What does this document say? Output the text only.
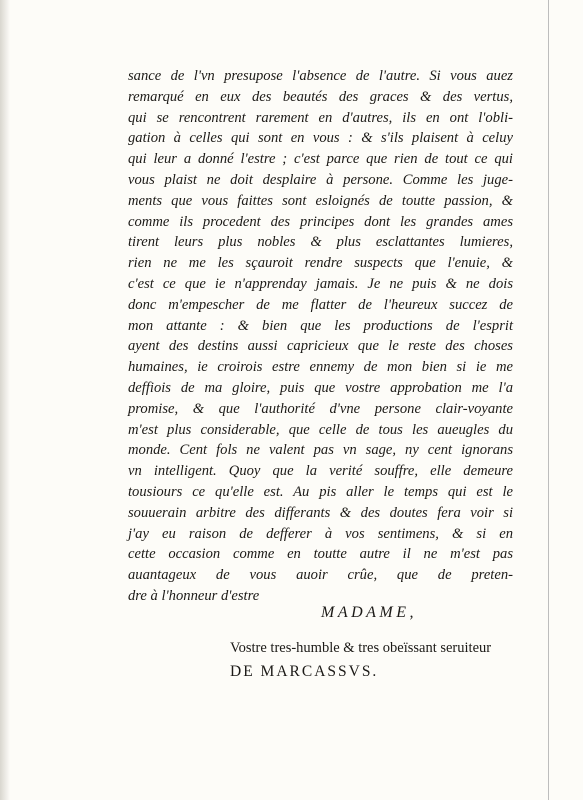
sance de l'vn presupose l'absence de l'autre. Si vous auez
remarqué en eux des beautés des graces & des vertus,
qui se rencontrent rarement en d'autres, ils en ont l'obli-
gation à celles qui sont en vous : & s'ils plaisent à celuy
qui leur a donné l'estre ; c'est parce que rien de tout ce qui
vous plaist ne doit desplaire à persone. Comme les juge-
ments que vous faittes sont esloignés de toutte passion, &
comme ils procedent des principes dont les grandes ames
tirent leurs plus nobles & plus esclattantes lumieres,
rien ne me les sçauroit rendre suspects que l'enuie, &
c'est ce que ie n'apprenday jamais. Je ne puis & ne dois
donc m'empescher de me flatter de l'heureux succez de
mon attante : & bien que les productions de l'esprit
ayent des destins aussi capricieux que le reste des choses
humaines, ie croirois estre ennemy de mon bien si ie me
deffiois de ma gloire, puis que vostre approbation me l'a
promise, & que l'authorité d'vne persone clair-voyante
m'est plus considerable, que celle de tous les aueugles du
monde. Cent fols ne valent pas vn sage, ny cent ignorans
vn intelligent. Quoy que la verité souffre, elle demeure
tousiours ce qu'elle est. Au pis aller le temps qui est le
souuerain arbitre des differants & des doutes fera voir si
j'ay eu raison de defferer à vos sentimens, & si en
cette occasion comme en toutte autre il ne m'est pas
auantageux de vous auoir crûe, que de preten-
dre à l'honneur d'estre
MADAME,
Vostre tres-humble & tres obeïssant seruiteur
DE MARCASSVS.
